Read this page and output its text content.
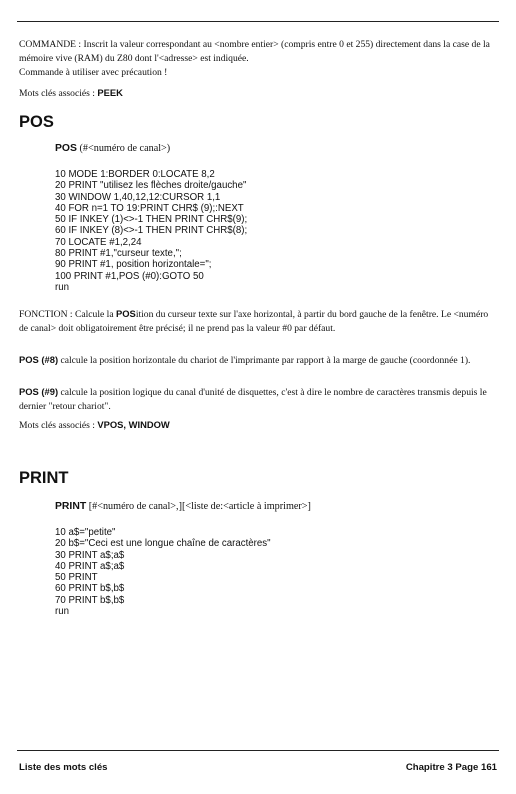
COMMANDE : Inscrit la valeur correspondant au <nombre entier> (compris entre 0 et 255) directement dans la case de la mémoire vive (RAM) du Z80 dont l'<adresse> est indiquée.

Commande à utiliser avec précaution !

Mots clés associés : PEEK

POS

POS (#<numéro de canal>)

10 MODE 1:BORDER 0:LOCATE 8,2
20 PRINT "utilisez les flèches droite/gauche"
30 WINDOW 1,40,12,12:CURSOR 1,1
40 FOR n=1 TO 19:PRINT CHR$ (9);:NEXT
50 IF INKEY (1)<>-1 THEN PRINT CHR$(9);
60 IF INKEY (8)<>-1 THEN PRINT CHR$(8);
70 LOCATE #1,2,24
80 PRINT #1,"curseur texte,";
90 PRINT #1, position horizontale=";
100 PRINT #1,POS (#0):GOTO 50
run

FONCTION : Calcule la POSition du curseur texte sur l'axe horizontal, à partir du bord gauche de la fenêtre. Le <numéro de canal> doit obligatoirement être précisé; il ne prend pas la valeur #0 par défaut.

POS (#8) calcule la position horizontale du chariot de l'imprimante par rapport à la marge de gauche (coordonnée 1).

POS (#9) calcule la position logique du canal d'unité de disquettes, c'est à dire le nombre de caractères transmis depuis le dernier "retour chariot".

Mots clés associés : VPOS, WINDOW

PRINT

PRINT [#<numéro de canal>,][<liste de:<article à imprimer>]

10 a$="petite"
20 b$="Ceci est une longue chaîne de caractères"
30 PRINT a$;a$
40 PRINT a$;a$
50 PRINT
60 PRINT b$,b$
70 PRINT b$,b$
run
Liste des mots clés	Chapitre 3 Page 161
